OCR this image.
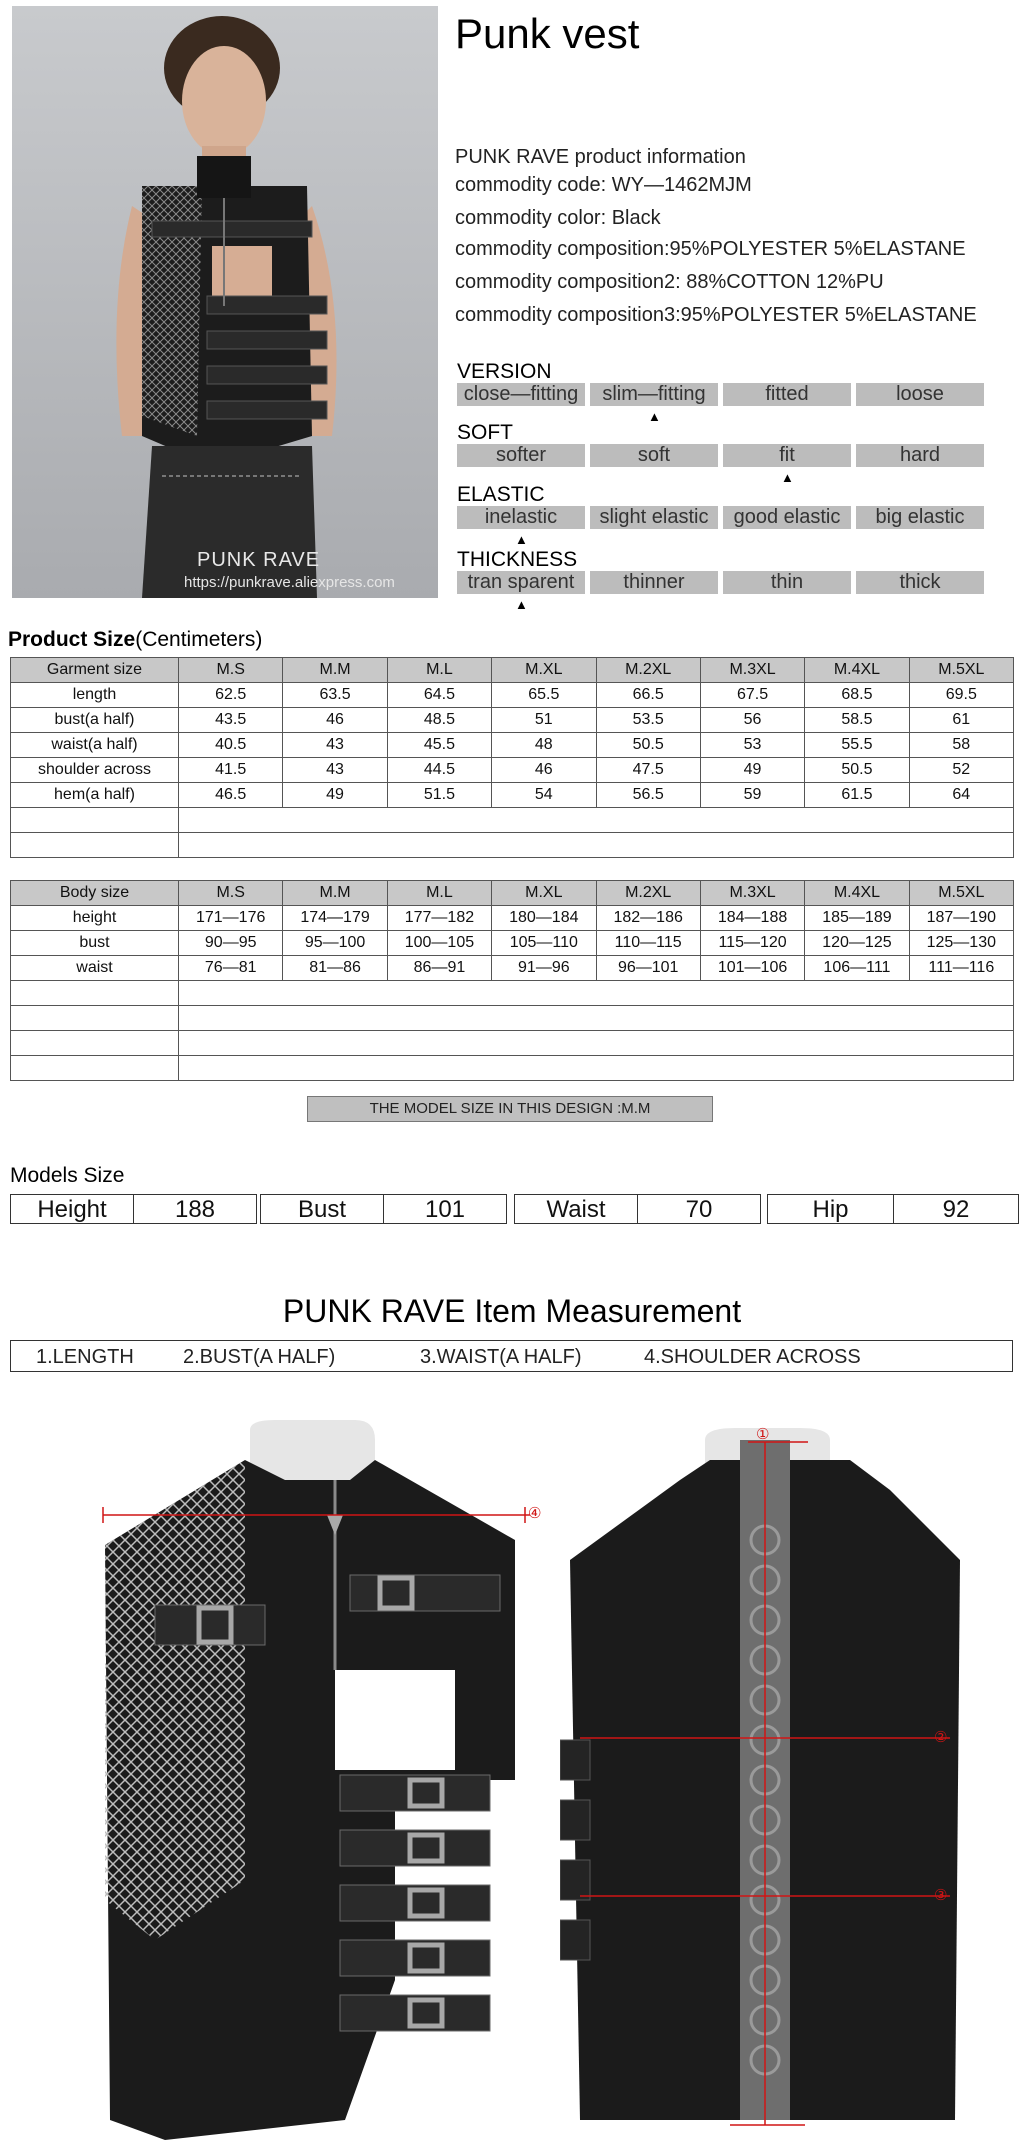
PUNK RAVE
https://punkrave.aliexpress.com
Punk vest
PUNK RAVE product information
commodity code: WY—1462MJM
commodity color: Black
commodity composition:95%POLYESTER 5%ELASTANE
commodity composition2: 88%COTTON 12%PU
commodity composition3:95%POLYESTER 5%ELASTANE
VERSION
close—fitting	slim—fitting
▲
fitted	loose
SOFT
softer	soft	fit
▲
hard
ELASTIC
inelastic
▲
slight elastic	good elastic	big elastic
THICKNESS
tran sparent
▲
thinner	thin	thick
Product Size(Centimeters)
Garment size	M.S	M.M	M.L	M.XL	M.2XL	M.3XL	M.4XL	M.5XL
length	62.5	63.5	64.5	65.5	66.5	67.5	68.5	69.5
bust(a half)	43.5	46	48.5	51	53.5	56	58.5	61
waist(a half)	40.5	43	45.5	48	50.5	53	55.5	58
shoulder across	41.5	43	44.5	46	47.5	49	50.5	52
hem(a half)	46.5	49	51.5	54	56.5	59	61.5	64

Body size	M.S	M.M	M.L	M.XL	M.2XL	M.3XL	M.4XL	M.5XL
height	171—176	174—179	177—182	180—184	182—186	184—188	185—189	187—190
bust	90—95	95—100	100—105	105—110	110—115	115—120	120—125	125—130
waist	76—81	81—86	86—91	91—96	96—101	101—106	106—111	111—116

THE MODEL SIZE IN THIS DESIGN :M.M
Models Size
Height	188	Bust	101	Waist	70	Hip	92
PUNK RAVE Item Measurement
1.LENGTH 2.BUST(A HALF)	3.WAIST(A HALF)	4.SHOULDER ACROSS
④
①
②
③
